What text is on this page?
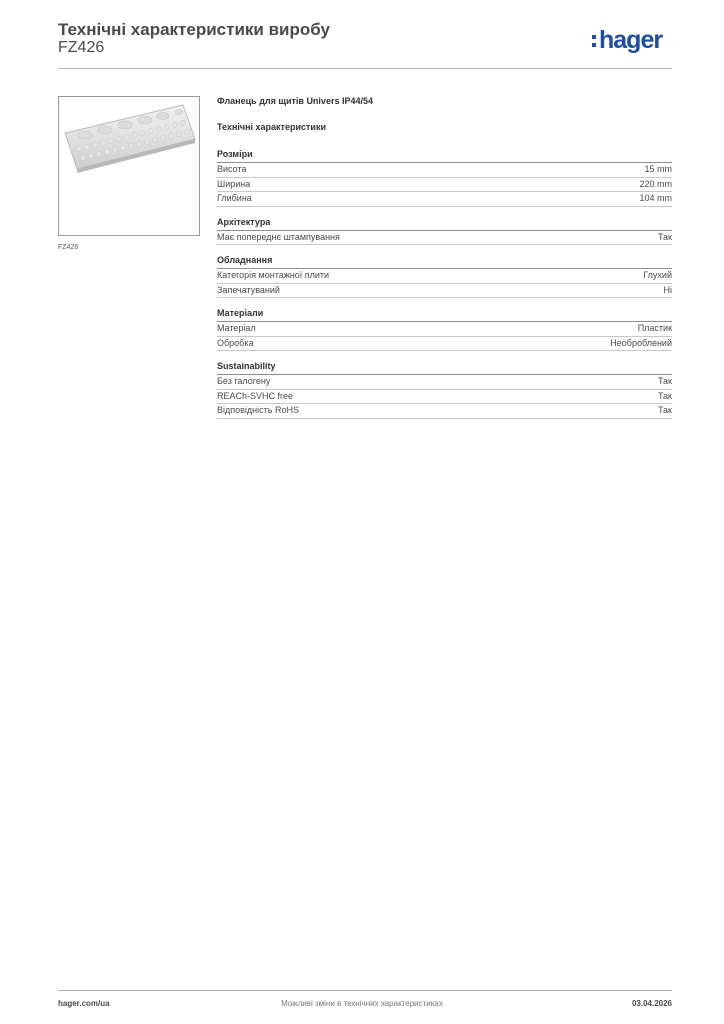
Технічні характеристики виробу
FZ426	hager
FZ426
Фланець для щитів Univers IP44/54
Технічні характеристики
Розміри
Висота	15 mm
Ширина	220 mm
Глибина	104 mm
Архітектура
Має попереднє штампування	Так
Обладнання
Категорія монтажної плити	Глухий
Запечатуваний	Ні
Матеріали
Матеріал	Пластик
Обробка	Необроблений
Sustainability
Без галогену	Так
REACh-SVHC free	Так
Відповідність RoHS	Так
hager.com/ua	Можливі зміни в технічних характеристиках	03.04.2026
